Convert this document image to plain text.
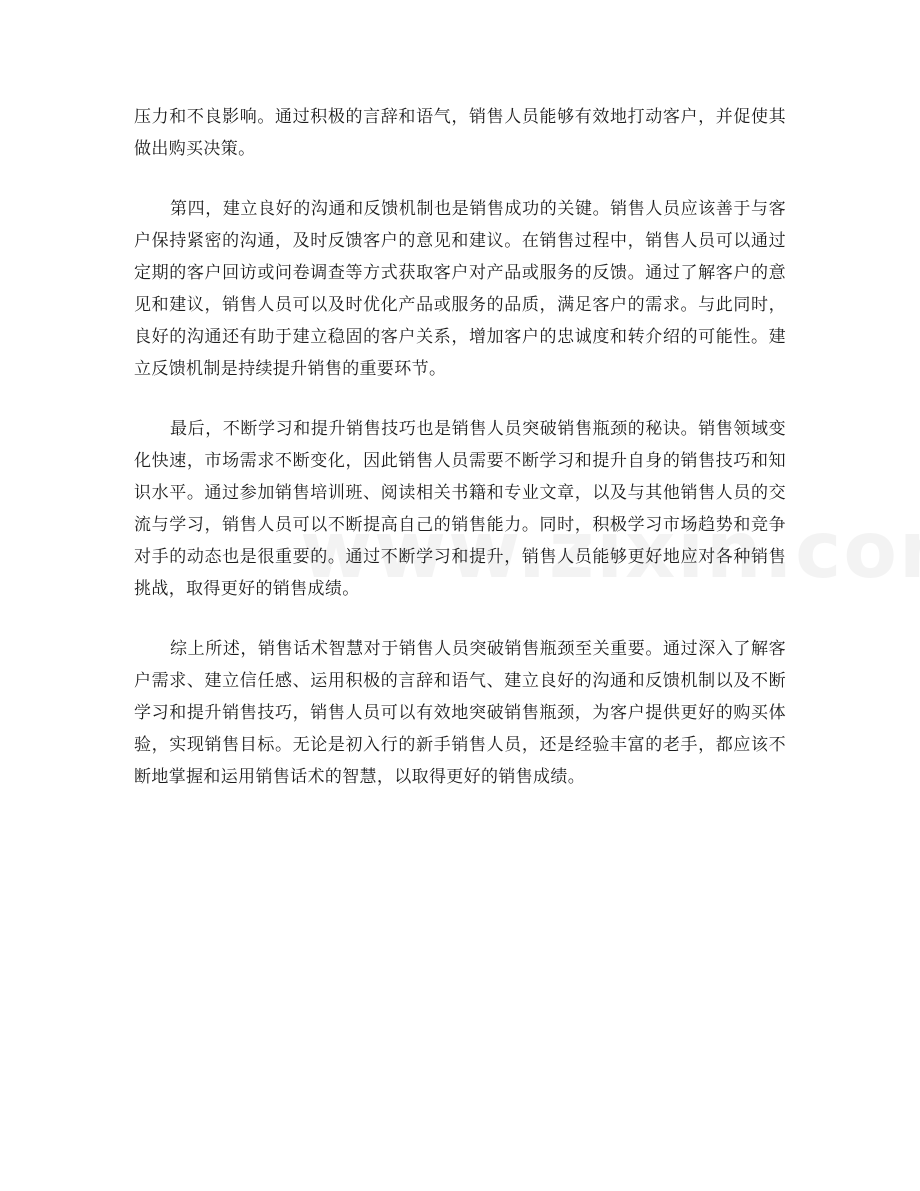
压力和不良影响。通过积极的言辞和语气，销售人员能够有效地打动客户，并促使其做出购买决策。

第四，建立良好的沟通和反馈机制也是销售成功的关键。销售人员应该善于与客户保持紧密的沟通，及时反馈客户的意见和建议。在销售过程中，销售人员可以通过定期的客户回访或问卷调查等方式获取客户对产品或服务的反馈。通过了解客户的意见和建议，销售人员可以及时优化产品或服务的品质，满足客户的需求。与此同时，良好的沟通还有助于建立稳固的客户关系，增加客户的忠诚度和转介绍的可能性。建立反馈机制是持续提升销售的重要环节。

最后，不断学习和提升销售技巧也是销售人员突破销售瓶颈的秘诀。销售领域变化快速，市场需求不断变化，因此销售人员需要不断学习和提升自身的销售技巧和知识水平。通过参加销售培训班、阅读相关书籍和专业文章，以及与其他销售人员的交流与学习，销售人员可以不断提高自己的销售能力。同时，积极学习市场趋势和竞争对手的动态也是很重要的。通过不断学习和提升，销售人员能够更好地应对各种销售挑战，取得更好的销售成绩。

综上所述，销售话术智慧对于销售人员突破销售瓶颈至关重要。通过深入了解客户需求、建立信任感、运用积极的言辞和语气、建立良好的沟通和反馈机制以及不断学习和提升销售技巧，销售人员可以有效地突破销售瓶颈，为客户提供更好的购买体验，实现销售目标。无论是初入行的新手销售人员，还是经验丰富的老手，都应该不断地掌握和运用销售话术的智慧，以取得更好的销售成绩。
